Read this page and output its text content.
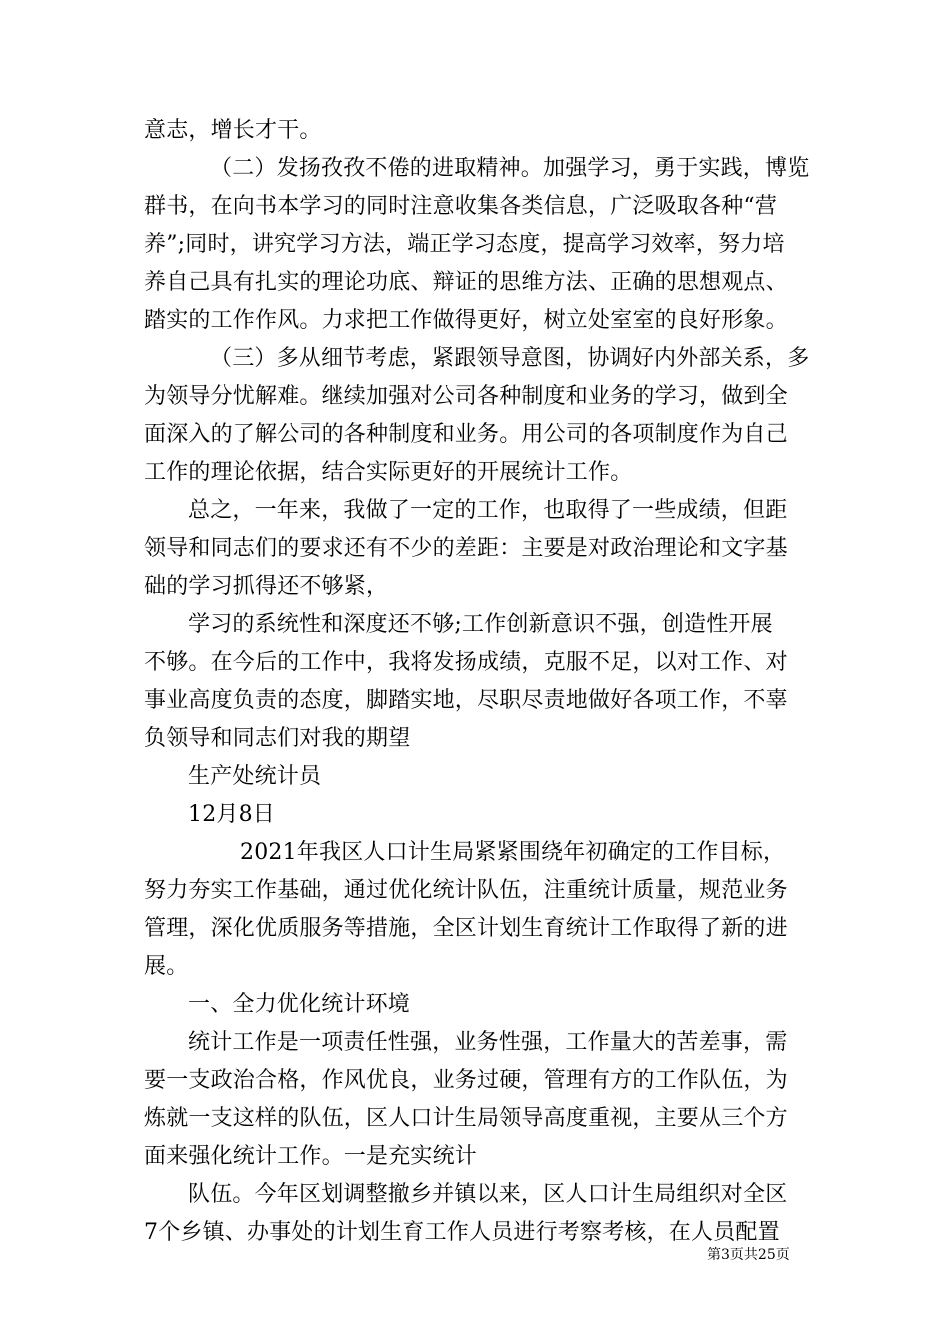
意志，增长才干。
（二）发扬孜孜不倦的进取精神。加强学习，勇于实践，博览
群书，在向书本学习的同时注意收集各类信息，广泛吸取各种“营
养”;同时，讲究学习方法，端正学习态度，提高学习效率，努力培
养自己具有扎实的理论功底、辩证的思维方法、正确的思想观点、
踏实的工作作风。力求把工作做得更好，树立处室室的良好形象。
（三）多从细节考虑，紧跟领导意图，协调好内外部关系，多
为领导分忧解难。继续加强对公司各种制度和业务的学习，做到全
面深入的了解公司的各种制度和业务。用公司的各项制度作为自己
工作的理论依据，结合实际更好的开展统计工作。
总之，一年来，我做了一定的工作，也取得了一些成绩，但距
领导和同志们的要求还有不少的差距：主要是对政治理论和文字基
础的学习抓得还不够紧，
学习的系统性和深度还不够;工作创新意识不强，创造性开展
不够。在今后的工作中，我将发扬成绩，克服不足，以对工作、对
事业高度负责的态度，脚踏实地，尽职尽责地做好各项工作，不辜
负领导和同志们对我的期望
生产处统计员
12月8日
2021年我区人口计生局紧紧围绕年初确定的工作目标，
努力夯实工作基础，通过优化统计队伍，注重统计质量，规范业务
管理，深化优质服务等措施，全区计划生育统计工作取得了新的进
展。
一、全力优化统计环境
统计工作是一项责任性强，业务性强，工作量大的苦差事，需
要一支政治合格，作风优良，业务过硬，管理有方的工作队伍，为
炼就一支这样的队伍，区人口计生局领导高度重视，主要从三个方
面来强化统计工作。一是充实统计
队伍。今年区划调整撤乡并镇以来，区人口计生局组织对全区
7个乡镇、办事处的计划生育工作人员进行考察考核，在人员配置
第3页共25页
